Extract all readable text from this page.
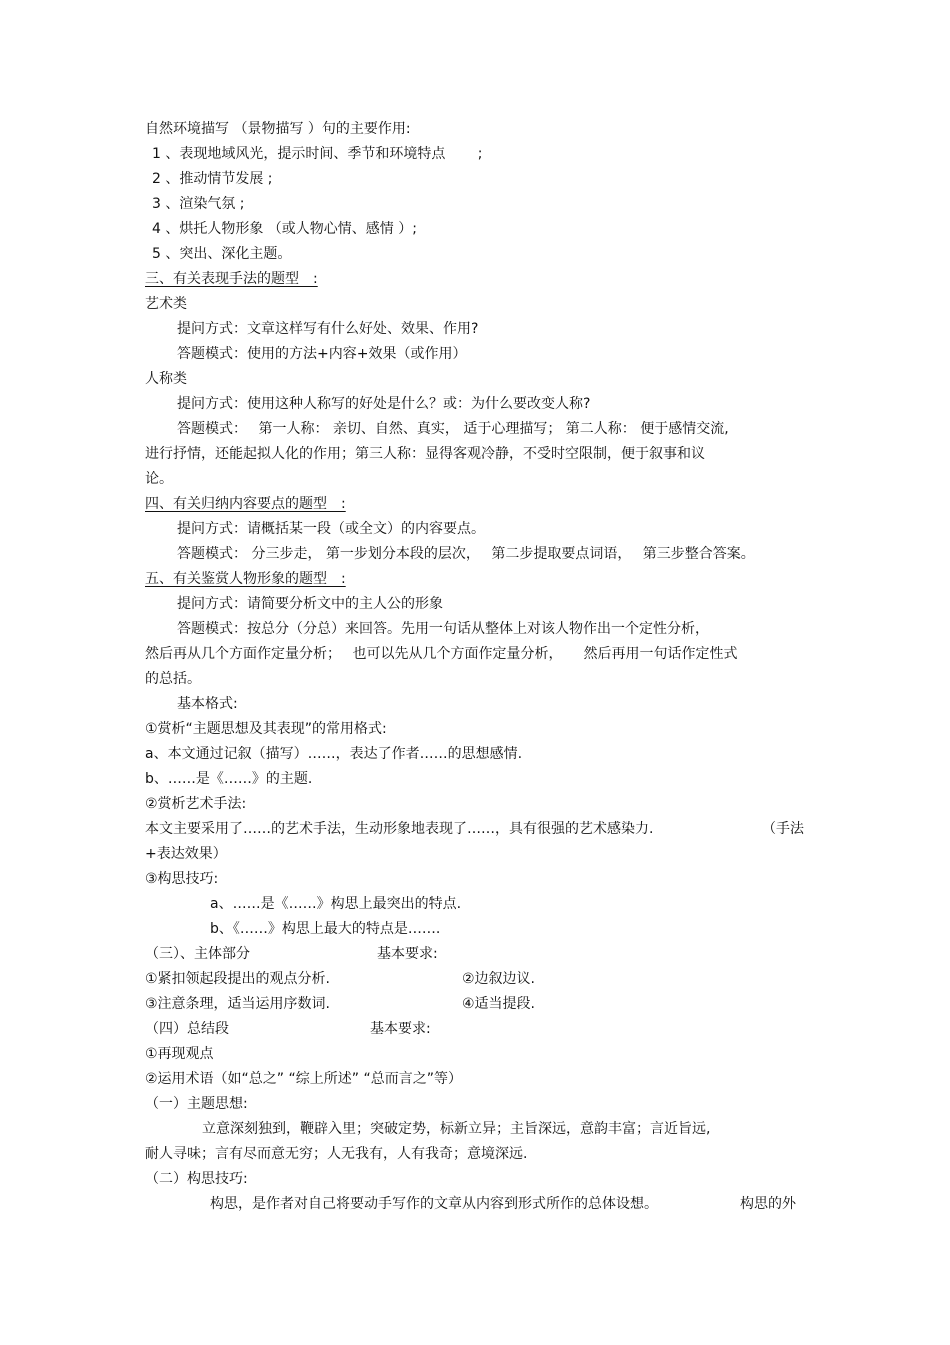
自然环境描写 （景物描写 ）句的主要作用:
1 、表现地域风光，提示时间、季节和环境特点　　 ;
2 、推动情节发展 ;
3 、渲染气氛 ;
4 、烘托人物形象 （或人物心情、感情 ）;
5 、突出、深化主题。
三、有关表现手法的题型　:
艺术类
提问方式：文章这样写有什么好处、效果、作用?
答题模式：使用的方法+内容+效果（或作用）
人称类
提问方式：使用这种人称写的好处是什么？或：为什么要改变人称?
答题模式：　 第一人称： 亲切、自然、真实， 适于心理描写； 第二人称： 便于感情交流,
进行抒情，还能起拟人化的作用；第三人称：显得客观冷静，不受时空限制，便于叙事和议
论。
四、有关归纳内容要点的题型　:
提问方式：请概括某一段（或全文）的内容要点。
答题模式： 分三步走， 第一步划分本段的层次，　 第二步提取要点词语，　 第三步整合答案。
五、有关鉴赏人物形象的题型　:
提问方式：请简要分析文中的主人公的形象
答题模式：按总分（分总）来回答。先用一句话从整体上对该人物作出一个定性分析，
然后再从几个方面作定量分析；　 也可以先从几个方面作定量分析，　　然后再用一句话作定性式
的总括。
基本格式:
①赏析“主题思想及其表现”的常用格式:
a、本文通过记叙（描写）……，表达了作者……的思想感情.
b、……是《……》的主题.
②赏析艺术手法:
本文主要采用了……的艺术手法，生动形象地表现了……，具有很强的艺术感染力.	（手法
+表达效果）
③构思技巧:
a、……是《……》构思上最突出的特点.
b、《……》构思上最大的特点是…….
（三）、主体部分	基本要求:
①紧扣领起段提出的观点分析.	②边叙边议.
③注意条理，适当运用序数词.	④适当提段.
（四）总结段	基本要求:
①再现观点
②运用术语（如“总之” “综上所述” “总而言之”等）
（一）主题思想:
立意深刻独到，鞭辟入里；突破定势，标新立异；主旨深远，意韵丰富；言近旨远,
耐人寻味；言有尽而意无穷；人无我有，人有我奇；意境深远.
（二）构思技巧:
构思，是作者对自己将要动手写作的文章从内容到形式所作的总体设想。	构思的外
